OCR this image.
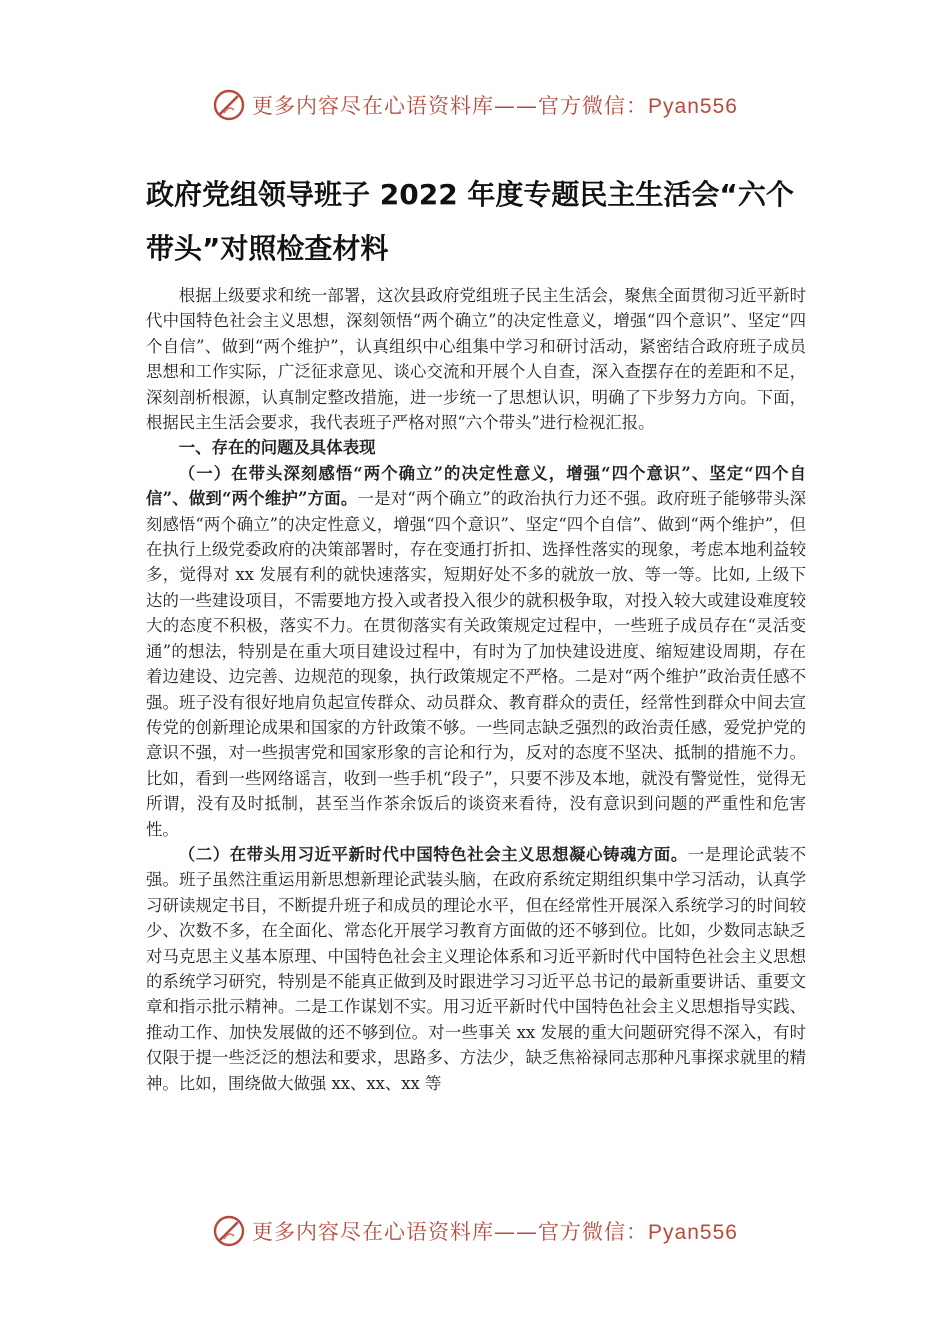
更多内容尽在心语资料库——官方微信：Pyan556
政府党组领导班子 2022 年度专题民主生活会“六个带头”对照检查材料

根据上级要求和统一部署，这次县政府党组班子民主生活会，聚焦全面贯彻习近平新时代中国特色社会主义思想，深刻领悟“两个确立”的决定性意义，增强“四个意识”、坚定“四个自信”、做到“两个维护”，认真组织中心组集中学习和研讨活动，紧密结合政府班子成员思想和工作实际，广泛征求意见、谈心交流和开展个人自查，深入查摆存在的差距和不足，深刻剖析根源，认真制定整改措施，进一步统一了思想认识，明确了下步努力方向。下面，根据民主生活会要求，我代表班子严格对照“六个带头”进行检视汇报。

一、存在的问题及具体表现

（一）在带头深刻感悟“两个确立”的决定性意义，增强“四个意识”、坚定“四个自信”、做到“两个维护”方面。一是对“两个确立”的政治执行力还不强。政府班子能够带头深刻感悟“两个确立”的决定性意义，增强“四个意识”、坚定“四个自信”、做到“两个维护”，但在执行上级党委政府的决策部署时，存在变通打折扣、选择性落实的现象，考虑本地利益较多，觉得对 xx 发展有利的就快速落实，短期好处不多的就放一放、等一等。比如, 上级下达的一些建设项目，不需要地方投入或者投入很少的就积极争取，对投入较大或建设难度较大的态度不积极，落实不力。在贯彻落实有关政策规定过程中，一些班子成员存在“灵活变通”的想法，特别是在重大项目建设过程中，有时为了加快建设进度、缩短建设周期，存在着边建设、边完善、边规范的现象，执行政策规定不严格。二是对“两个维护”政治责任感不强。班子没有很好地肩负起宣传群众、动员群众、教育群众的责任，经常性到群众中间去宣传党的创新理论成果和国家的方针政策不够。一些同志缺乏强烈的政治责任感，爱党护党的意识不强，对一些损害党和国家形象的言论和行为，反对的态度不坚决、抵制的措施不力。比如，看到一些网络谣言，收到一些手机“段子”，只要不涉及本地，就没有警觉性，觉得无所谓，没有及时抵制，甚至当作茶余饭后的谈资来看待，没有意识到问题的严重性和危害性。

（二）在带头用习近平新时代中国特色社会主义思想凝心铸魂方面。一是理论武装不强。班子虽然注重运用新思想新理论武装头脑，在政府系统定期组织集中学习活动，认真学习研读规定书目，不断提升班子和成员的理论水平，但在经常性开展深入系统学习的时间较少、次数不多，在全面化、常态化开展学习教育方面做的还不够到位。比如，少数同志缺乏对马克思主义基本原理、中国特色社会主义理论体系和习近平新时代中国特色社会主义思想的系统学习研究，特别是不能真正做到及时跟进学习习近平总书记的最新重要讲话、重要文章和指示批示精神。二是工作谋划不实。用习近平新时代中国特色社会主义思想指导实践、推动工作、加快发展做的还不够到位。对一些事关 xx 发展的重大问题研究得不深入，有时仅限于提一些泛泛的想法和要求，思路多、方法少，缺乏焦裕禄同志那种凡事探求就里的精神。比如，围绕做大做强 xx、xx、xx 等

更多内容尽在心语资料库——官方微信：Pyan556
